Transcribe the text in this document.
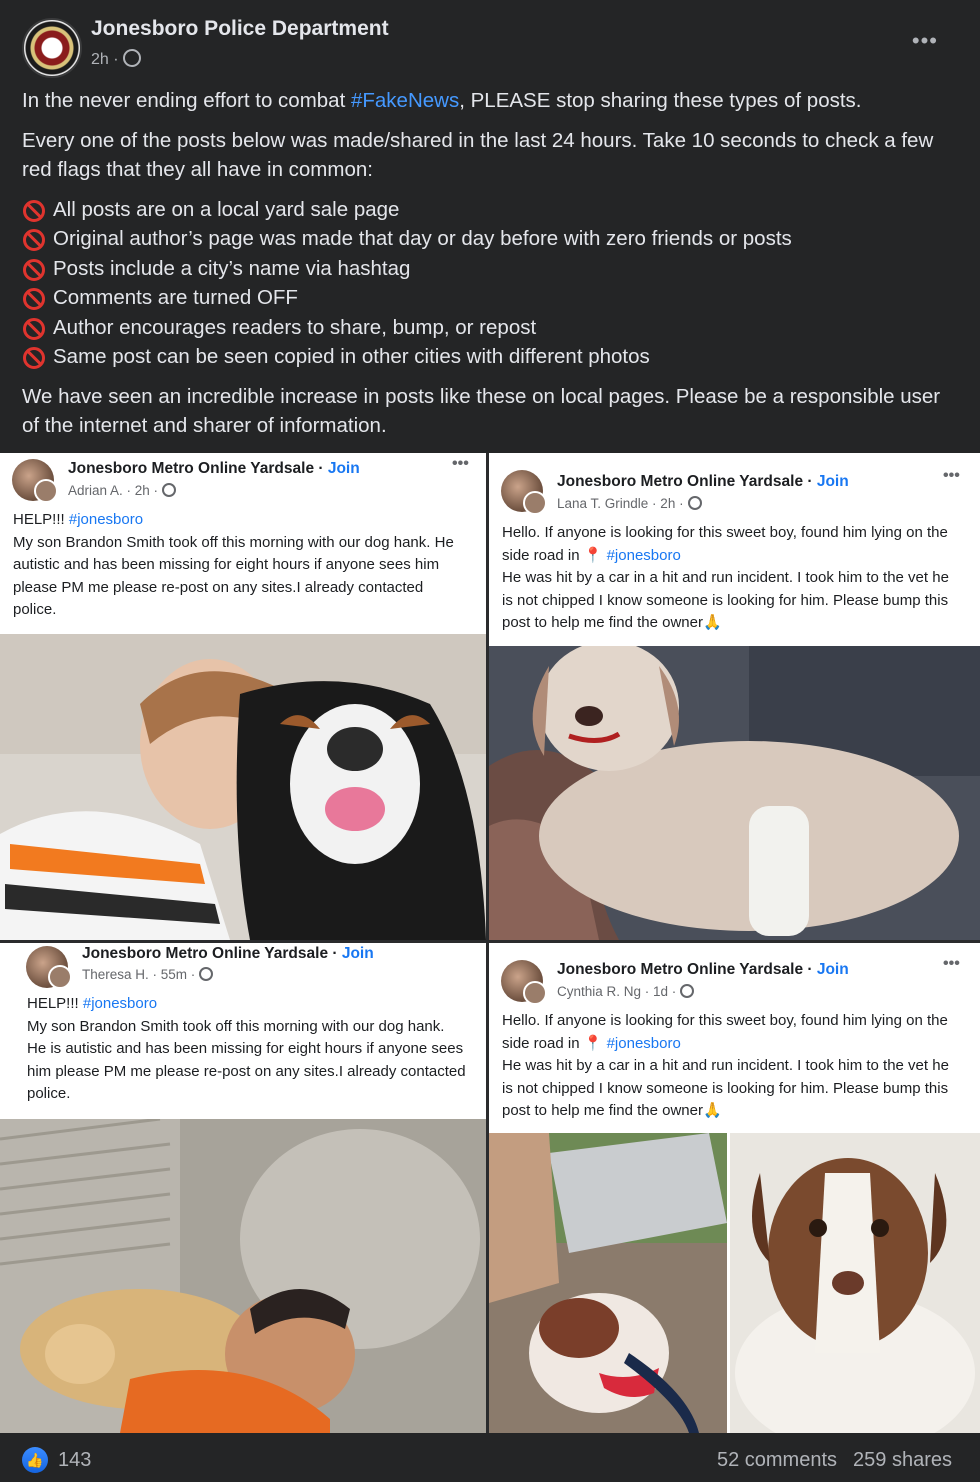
Jonesboro Police Department
2h ·
•••

In the never ending effort to combat #FakeNews, PLEASE stop sharing these types of posts.

Every one of the posts below was made/shared in the last 24 hours. Take 10 seconds to check a few red flags that they all have in common:

All posts are on a local yard sale page
Original author’s page was made that day or day before with zero friends or posts
Posts include a city’s name via hashtag
Comments are turned OFF
Author encourages readers to share, bump, or repost
Same post can be seen copied in other cities with different photos

We have seen an incredible increase in posts like these on local pages. Please be a responsible user of the internet and sharer of information.

Jonesboro Metro Online Yardsale · Join
Adrian A. · 2h ·
•••
HELP!!! #jonesboro
My son Brandon Smith took off this morning with our dog hank. He autistic and has been missing for eight hours if anyone sees him please PM me please re-post on any sites.I already contacted police.
Jonesboro Metro Online Yardsale · Join
Lana T. Grindle · 2h ·
•••
Hello. If anyone is looking for this sweet boy, found him lying on the side road in 📍 #jonesboro
He was hit by a car in a hit and run incident. I took him to the vet he is not chipped I know someone is looking for him. Please bump this post to help me find the owner🙏
Jonesboro Metro Online Yardsale · Join
Theresa H. · 55m ·
HELP!!! #jonesboro
My son Brandon Smith took off this morning with our dog hank. He is autistic and has been missing for eight hours if anyone sees him please PM me please re-post on any sites.I already contacted police.
Jonesboro Metro Online Yardsale · Join
Cynthia R. Ng · 1d ·
•••
Hello. If anyone is looking for this sweet boy, found him lying on the side road in 📍 #jonesboro
He was hit by a car in a hit and run incident. I took him to the vet he is not chipped I know someone is looking for him. Please bump this post to help me find the owner🙏
👍 143	52 comments 259 shares
